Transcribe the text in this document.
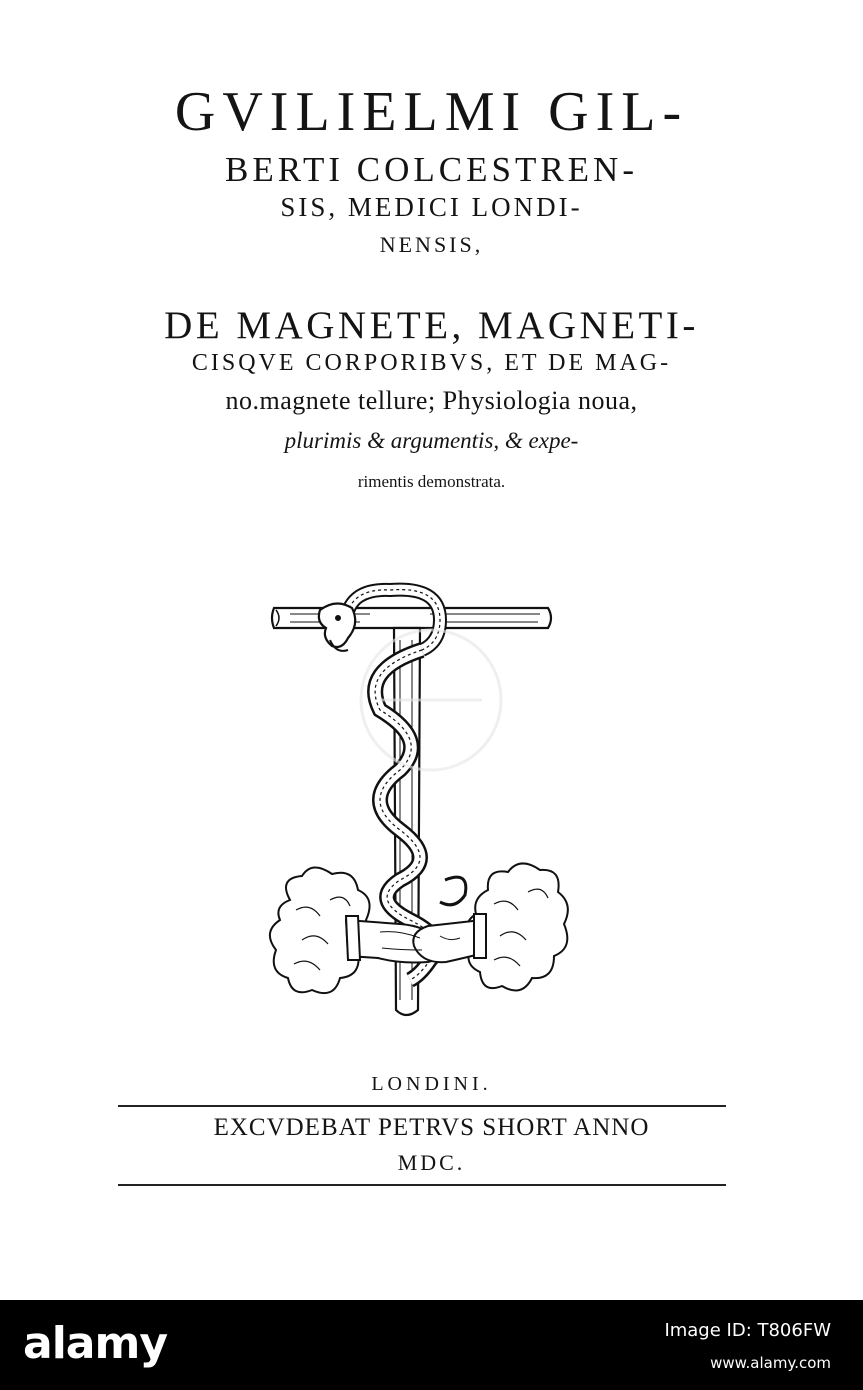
GVILIELMI GIL-
BERTI COLCESTREN-
SIS, MEDICI LONDI-
NENSIS,
DE MAGNETE, MAGNETI-
CISQVE CORPORIBVS, ET DE MAG-
no.magnete tellure; Physiologia noua,
plurimis & argumentis, & expe-
rimentis demonstrata.
LONDINI.
EXCVDEBAT PETRVS SHORT ANNO
MDC.
alamy	Image ID: T806FW
www.alamy.com
